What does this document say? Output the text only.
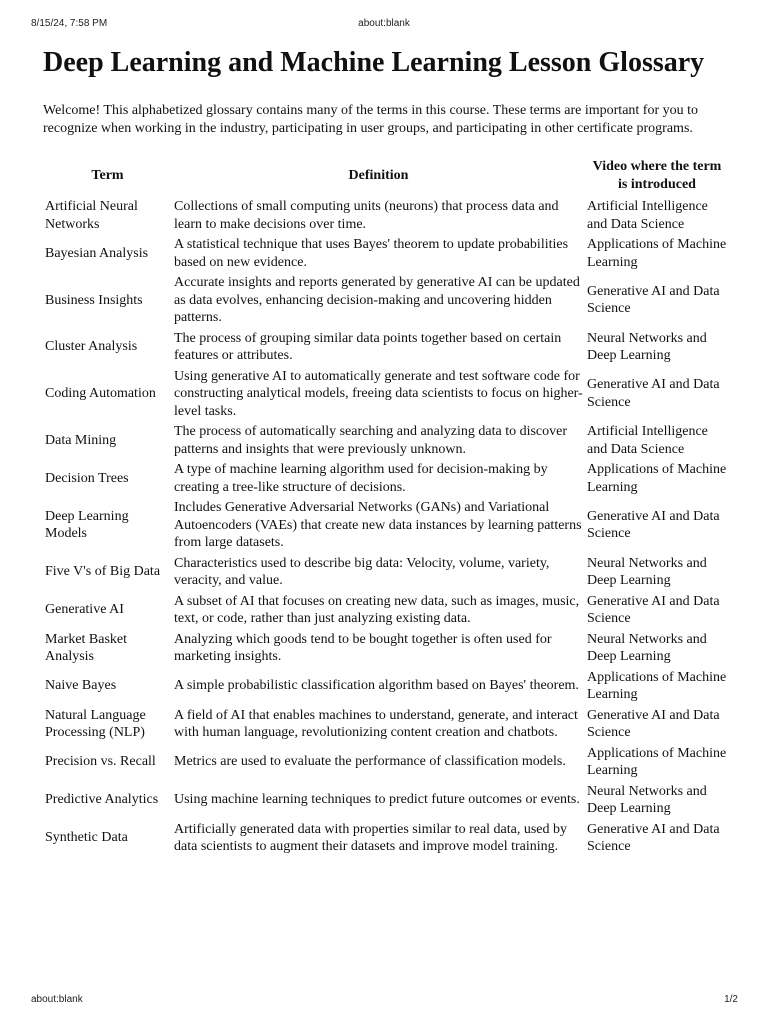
8/15/24, 7:58 PM	about:blank
Deep Learning and Machine Learning Lesson Glossary

Welcome! This alphabetized glossary contains many of the terms in this course. These terms are important for you to recognize when working in the industry, participating in user groups, and participating in other certificate programs.

Term	Definition	Video where the term is introduced
Artificial Neural Networks	Collections of small computing units (neurons) that process data and learn to make decisions over time.	Artificial Intelligence and Data Science
Bayesian Analysis	A statistical technique that uses Bayes' theorem to update probabilities based on new evidence.	Applications of Machine Learning
Business Insights	Accurate insights and reports generated by generative AI can be updated as data evolves, enhancing decision-making and uncovering hidden patterns.	Generative AI and Data Science
Cluster Analysis	The process of grouping similar data points together based on certain features or attributes.	Neural Networks and Deep Learning
Coding Automation	Using generative AI to automatically generate and test software code for constructing analytical models, freeing data scientists to focus on higher-level tasks.	Generative AI and Data Science
Data Mining	The process of automatically searching and analyzing data to discover patterns and insights that were previously unknown.	Artificial Intelligence and Data Science
Decision Trees	A type of machine learning algorithm used for decision-making by creating a tree-like structure of decisions.	Applications of Machine Learning
Deep Learning Models	Includes Generative Adversarial Networks (GANs) and Variational Autoencoders (VAEs) that create new data instances by learning patterns from large datasets.	Generative AI and Data Science
Five V's of Big Data	Characteristics used to describe big data: Velocity, volume, variety, veracity, and value.	Neural Networks and Deep Learning
Generative AI	A subset of AI that focuses on creating new data, such as images, music, text, or code, rather than just analyzing existing data.	Generative AI and Data Science
Market Basket Analysis	Analyzing which goods tend to be bought together is often used for marketing insights.	Neural Networks and Deep Learning
Naive Bayes	A simple probabilistic classification algorithm based on Bayes' theorem.	Applications of Machine Learning
Natural Language Processing (NLP)	A field of AI that enables machines to understand, generate, and interact with human language, revolutionizing content creation and chatbots.	Generative AI and Data Science
Precision vs. Recall	Metrics are used to evaluate the performance of classification models.	Applications of Machine Learning
Predictive Analytics	Using machine learning techniques to predict future outcomes or events.	Neural Networks and Deep Learning
Synthetic Data	Artificially generated data with properties similar to real data, used by data scientists to augment their datasets and improve model training.	Generative AI and Data Science
about:blank	1/2
